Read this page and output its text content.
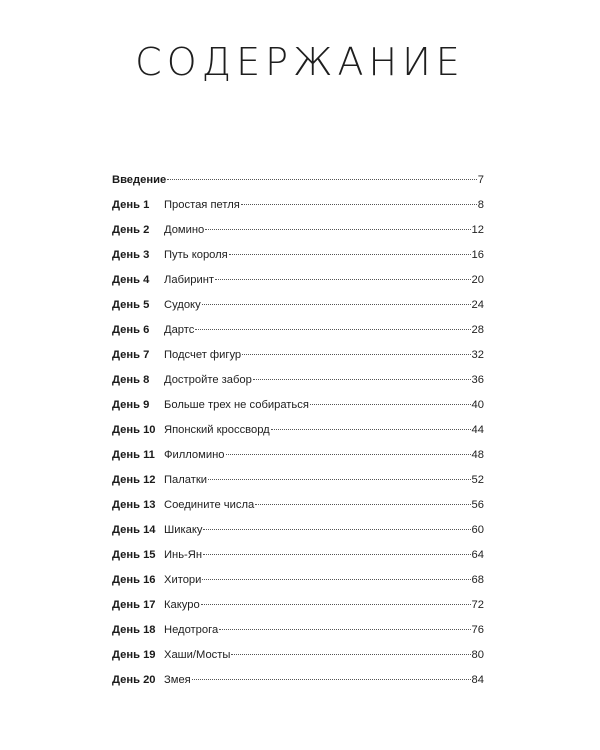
СОДЕРЖАНИЕ
Введение	7
День 1	Простая петля	8
День 2	Домино	12
День 3	Путь короля	16
День 4	Лабиринт	20
День 5	Судоку	24
День 6	Дартс	28
День 7	Подсчет фигур	32
День 8	Достройте забор	36
День 9	Больше трех не собираться	40
День 10 Японский кроссворд	44
День 11 Филломино	48
День 12 Палатки	52
День 13 Соедините числа	56
День 14 Шикаку	60
День 15 Инь-Ян	64
День 16 Хитори	68
День 17 Какуро	72
День 18 Недотрога	76
День 19 Хаши/Мосты	80
День 20 Змея	84
